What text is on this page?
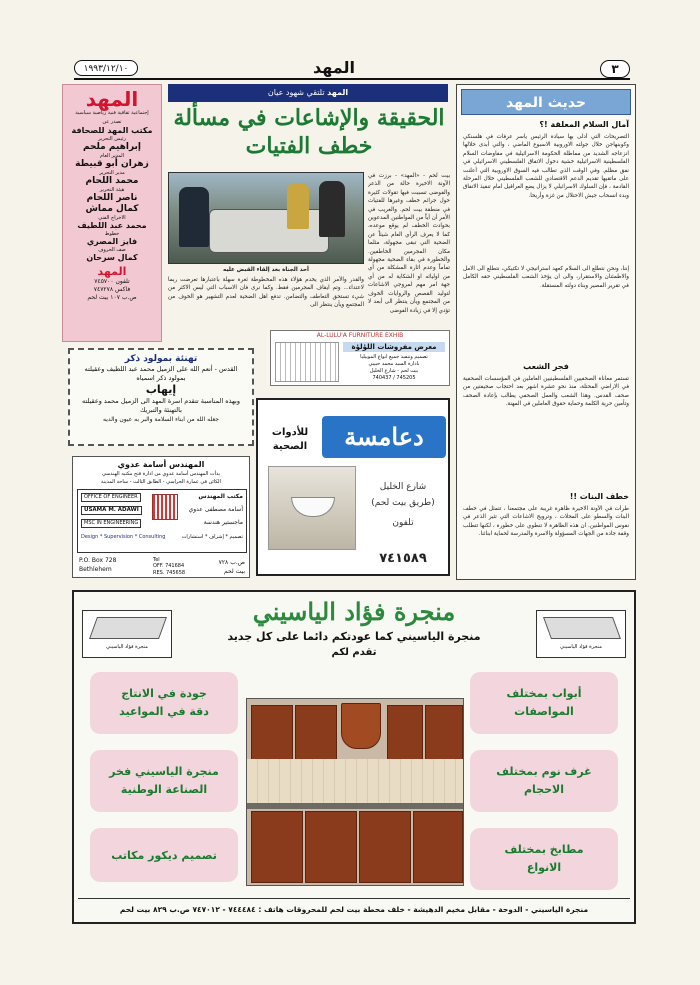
٣
المهد
١٩٩٣/١٢/١٠
المهد
إجتماعية ثقافية فنية رياضية سياسية
تصدر عن
مكتب المهد للصحافة
رئيس التحرير
إبراهيم ملحم
المدير العام
زهران أبو قبيطة
مدير التحرير
محمد اللحام
هيئة التحرير
ناصر اللحام
كمال مماش
الاخراج الفني
محمد عبد اللطيف
خطوط
فايز المصري
صف الحروف
كمال سرحان
المهد
تلفون ٧٤٥٧٠٠
فاكس ٧٤٧٢٧٨
ص.ب ١٠٧ بيت لحم
المهد تلتقي شهود عيان
الحقيقة والإشاعات في مسألة خطف الفتيات
بيت لحم - «المهد» - برزت في الآونة الاخيرة حالة من الذعر والفوضى تسببت فيها تقولات كثيرة حول جرائم خطف وغيرها للفتيات في منطقة بيت لحم. والغريب في الأمر أن أياً من المواطنين المدعوين بحوادث الخطف لم يوقع موعده، كما لا يعرف الرأي العام شيئاً عن الضحية التي تبقى مجهولة، مثلما مكان المجرمين الخاطفين. والخطورة في بقاء الضحية مجهولة تماماً وعدم اثارة المشكلة من أي من اوليائه او الشكاية له من أي جهة امر مهم لمروجي الاشاعات لتوليد القصص والروايات الخوف من المجتمع ويأن ينتظر الى أبعد لا تؤدي إلا في زيادة الفوضى
أحد الجناة بعد إلقاء القبض عليه
والقدر والأمر الذي يخدم هؤلاء هذه المخطوطة ثغرة سهلة باعتبارها تعرضت ربما لاعتداء... وتم ايقاف المجرمين فقط. وكما نرى فان الاسباب التي ليس الاكثر من شيء تستحق التعاطف والتضامن. تدفع اهل الضحية لعدم التشهير هو الخوف من المجتمع ويأن ينتظر الى
AL-LULU'A FURNITURE EXHIB
معرض مفروشات اللؤلؤة
تصميم وتنفيذ جميع انواع الموبيليا
بادارة السيد محمد حبيبي
بيت لحم - شارع الخليل
740437 / 745205
للأدوات الصحية	دعامسة
شارع الخليل
(طريق بيت لحم)
تلفون
٧٤١٥٨٩
تهنئة بمولود ذكر
القدس - أنعم الله على الزميل محمد عبد اللطيف وعقيلته بمولود ذكر اسمياه
إيهاب
وبهذه المناسبة تتقدم اسرة المهد الى الزميل محمد وعقيلته بالتهنئة والتبريك
جعله الله من ابناء السلامة والبر به عيون والديه
المهندس أسامة عدوي
بدأت المهندس أسامة عدوي من ادارة فتح مكتبه الهندسي
الكائن في عمارة الجراسي - الطابق الثالث - ساحة المدينة
OFFICE OF ENGINEER
USAMA M. ADAWI
MSC IN ENGINEERING
Design * Supervision * Consulting
مكتب المهندس
أسامة مصطفى عدوي
ماجستير هندسة
تصميم * إشراف * استشارات
P.O. Box 728
Bethlehem
Tel
OFF. 741684
RES. 745658
ص.ب ٧٢٨
بيت لحم
حديث المهد
آمال السلام المعلقة !؟
التصريحات التي أدلى بها سيادة الرئيس ياسر عرفات في هلسنكي وكوبنهاجن خلال جولته الاوروبية الاسبوع الماضي ، والتي أبدى خلالها انزعاجه الشديد من مماطلة الحكومة الاسرائيلية في مفاوضات السلام الفلسطينية الاسرائيلية خشية دخول الاتفاق الفلسطيني الاسرائيلي في نفق مظلم. وفي الوقت الذي تطالب فيه السوق الاوروبية التي أعلنت على ماتقيها تقديم الدعم الاقتصادي للشعب الفلسطيني خلال المرحلة القادمة ، فإن السلوك الاسرائيلي لا يزال يضع العراقيل امام تنفيذ الاتفاق وبدء انسحاب جيش الاحتلال من غزة وأريحا.
إننا، ونحن نتطلع الى السلام كعهد استراتيجي لا تكتيكي، نتطلع الى الامل والاطمئنان والاستقرار، والى ان يؤخذ الشعب الفلسطيني حقه الكامل في تقرير المصير وبناء دولته المستقلة.
فجر الشعب
تستمر معاناة الصحفيين الفلسطينيين العاملين في المؤسسات الصحفية في الاراضي المحتلة، منذ نحو عشرة اشهر بعد احتجاب صحيفتين من صحف القدس. وهذا الشعب والعمل الصحفي يطالب بإعادة الصحف وتأمين حرية الكلمة وحماية حقوق العاملين في المهنة.
خطف البنات !!
طرأت في الأونة الاخيرة ظاهرة غريبة على مجتمعنا ، تتمثل في خطف البنات والسطو على المحلات ، وترويج الاشاعات التي تثير الذعر في نفوس المواطنين. ان هذه الظاهرة لا تنطوي على خطورة ، لكنها تتطلب وقفة جادة من الجهات المسؤولة والاسرة والمدرسة لحماية ابنائنا.
منجرة فؤاد الياسيني
منجرة الياسيني كما عودتكم دائما على كل جديد
تقدم لكم
منجرة فؤاد الياسيني	منجرة فؤاد الياسيني
جودة في الانتاج
دقة في المواعيد
منجرة الياسيني فخر
الصناعة الوطنية
تصميم ديكور مكاتب
أبواب بمختلف
المواصفات
غرف نوم بمختلف
الاحجام
مطابخ بمختلف
الانواع
منجرة الياسيني - الدوحة - مقابل مخيم الدهيشة - خلف محطة بيت لحم للمحروقات هاتف : ٧٤٤٤٨٤ - ٧٤٧٠١٢ ص.ب ٨٢٩ بيت لحم
